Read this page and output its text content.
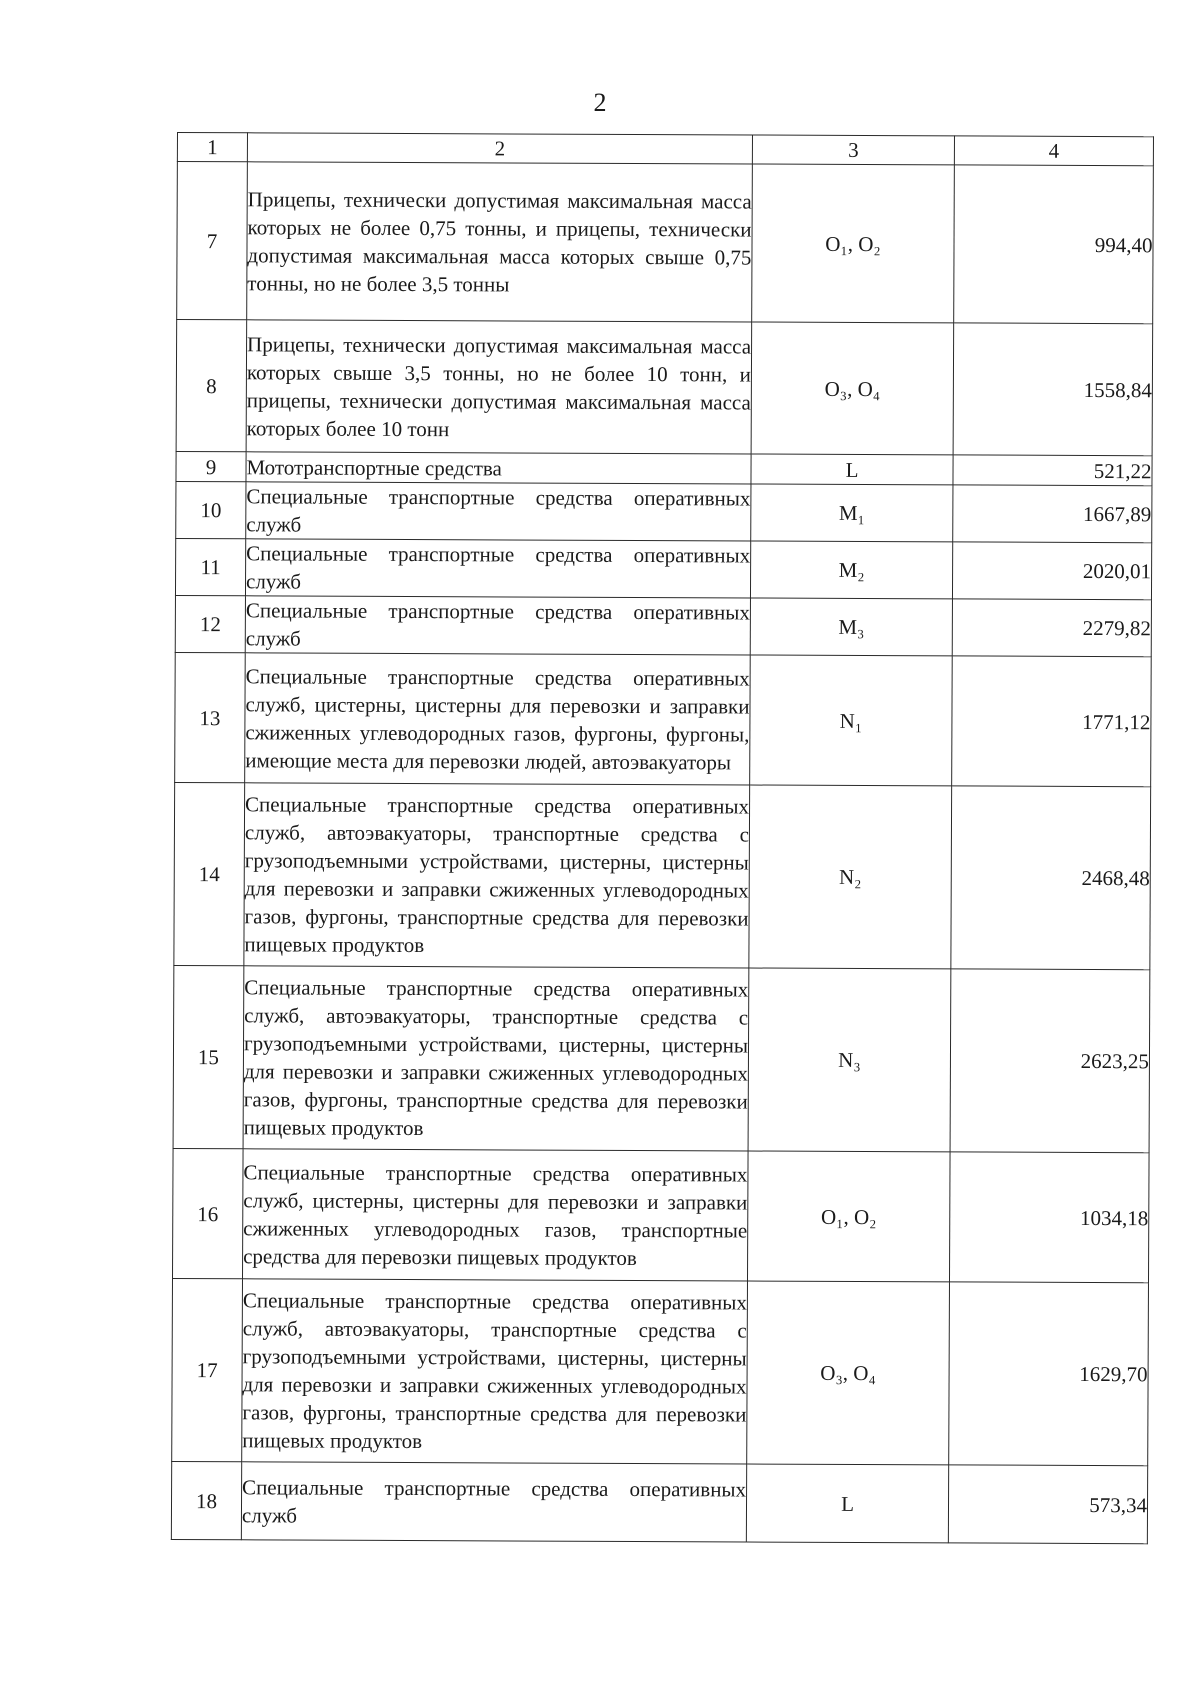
2
1	2	3	4
7	Прицепы, технически допустимая максимальная масса которых не более 0,75 тонны, и прицепы, технически допустимая максимальная масса которых свыше 0,75 тонны, но не более 3,5 тонны	O₁, O₂	994,40
8	Прицепы, технически допустимая максимальная масса которых свыше 3,5 тонны, но не более 10 тонн, и прицепы, технически допустимая максимальная масса которых более 10 тонн	O₃, O₄	1558,84
9	Мототранспортные средства	L	521,22
10	Специальные транспортные средства оперативных служб	M₁	1667,89
11	Специальные транспортные средства оперативных служб	M₂	2020,01
12	Специальные транспортные средства оперативных служб	M₃	2279,82
13	Специальные транспортные средства оперативных служб, цистерны, цистерны для перевозки и заправки сжиженных углеводородных газов, фургоны, фургоны, имеющие места для перевозки людей, автоэвакуаторы	N₁	1771,12
14	Специальные транспортные средства оперативных служб, автоэвакуаторы, транспортные средства с грузоподъемными устройствами, цистерны, цистерны для перевозки и заправки сжиженных углеводородных газов, фургоны, транспортные средства для перевозки пищевых продуктов	N₂	2468,48
15	Специальные транспортные средства оперативных служб, автоэвакуаторы, транспортные средства с грузоподъемными устройствами, цистерны, цистерны для перевозки и заправки сжиженных углеводородных газов, фургоны, транспортные средства для перевозки пищевых продуктов	N₃	2623,25
16	Специальные транспортные средства оперативных служб, цистерны, цистерны для перевозки и заправки сжиженных углеводородных газов, транспортные средства для перевозки пищевых продуктов	O₁, O₂	1034,18
17	Специальные транспортные средства оперативных служб, автоэвакуаторы, транспортные средства с грузоподъемными устройствами, цистерны, цистерны для перевозки и заправки сжиженных углеводородных газов, фургоны, транспортные средства для перевозки пищевых продуктов	O₃, O₄	1629,70
18	Специальные транспортные средства оперативных служб	L	573,34
